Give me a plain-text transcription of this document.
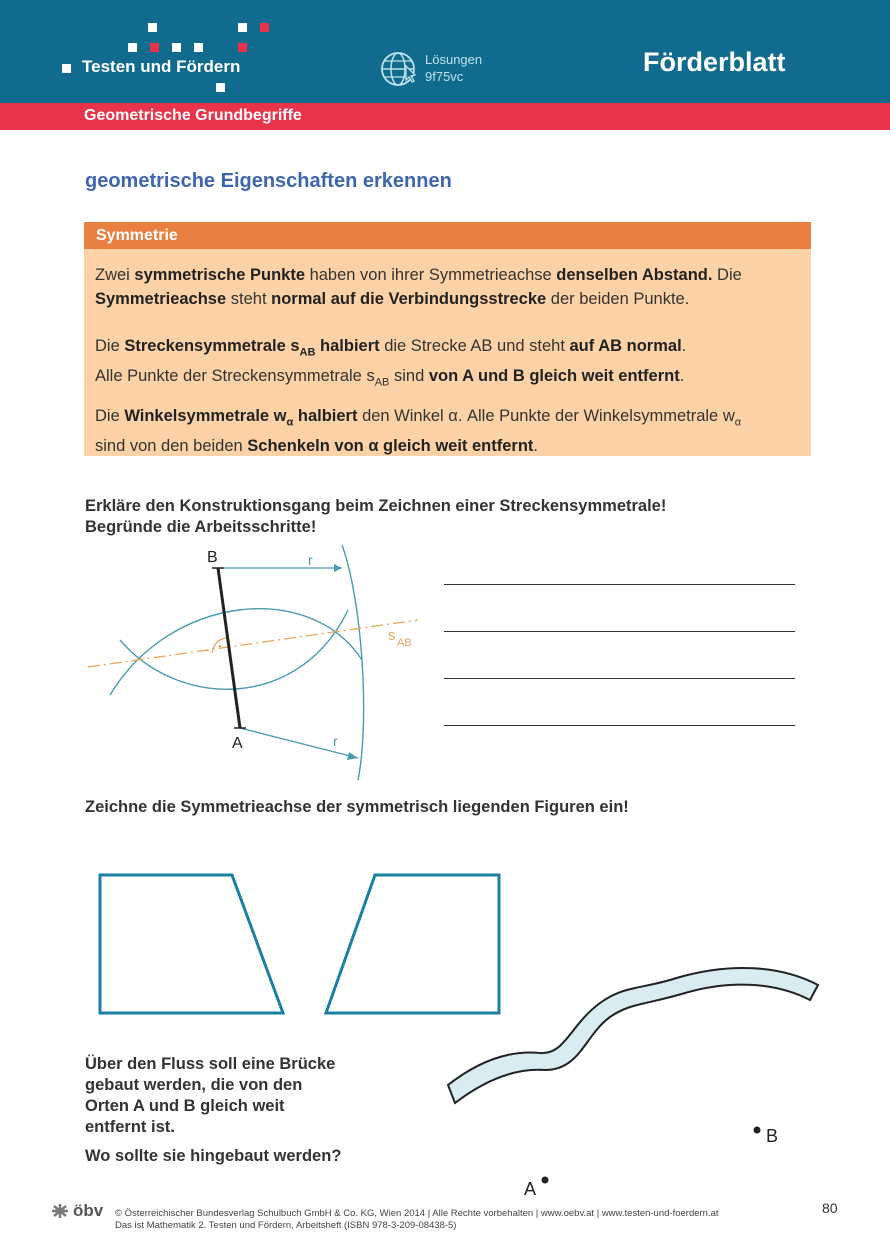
Testen und Fördern	Lösungen
9f75vc	Förderblatt
Geometrische Grundbegriffe
geometrische Eigenschaften erkennen
Symmetrie
Zwei symmetrische Punkte haben von ihrer Symmetrieachse denselben Abstand. Die
Symmetrieachse steht normal auf die Verbindungsstrecke der beiden Punkte.
Die Streckensymmetrale $s_{AB}$ halbiert die Strecke AB und steht auf AB normal.
Alle Punkte der Streckensymmetrale $s_{AB}$ sind von A und B gleich weit entfernt.
Die Winkelsymmetrale $w_\alpha$ halbiert den Winkel α. Alle Punkte der Winkelsymmetrale $w_\alpha$
sind von den beiden Schenkeln von α gleich weit entfernt.
Erkläre den Konstruktionsgang beim Zeichnen einer Streckensymmetrale!
Begründe die Arbeitsschritte!
r
r
B
A
s AB
Zeichne die Symmetrieachse der symmetrisch liegenden Figuren ein!
Über den Fluss soll eine Brücke
gebaut werden, die von den
Orten A und B gleich weit
entfernt ist.
Wo sollte sie hingebaut werden?
B
A
öbv © Österreichischer Bundesverlag Schulbuch GmbH & Co. KG, Wien 2014 | Alle Rechte vorbehalten | www.oebv.at | www.testen-und-foerdern.at
Das ist Mathematik 2. Testen und Fördern, Arbeitsheft (ISBN 978-3-209-08438-5)
80
